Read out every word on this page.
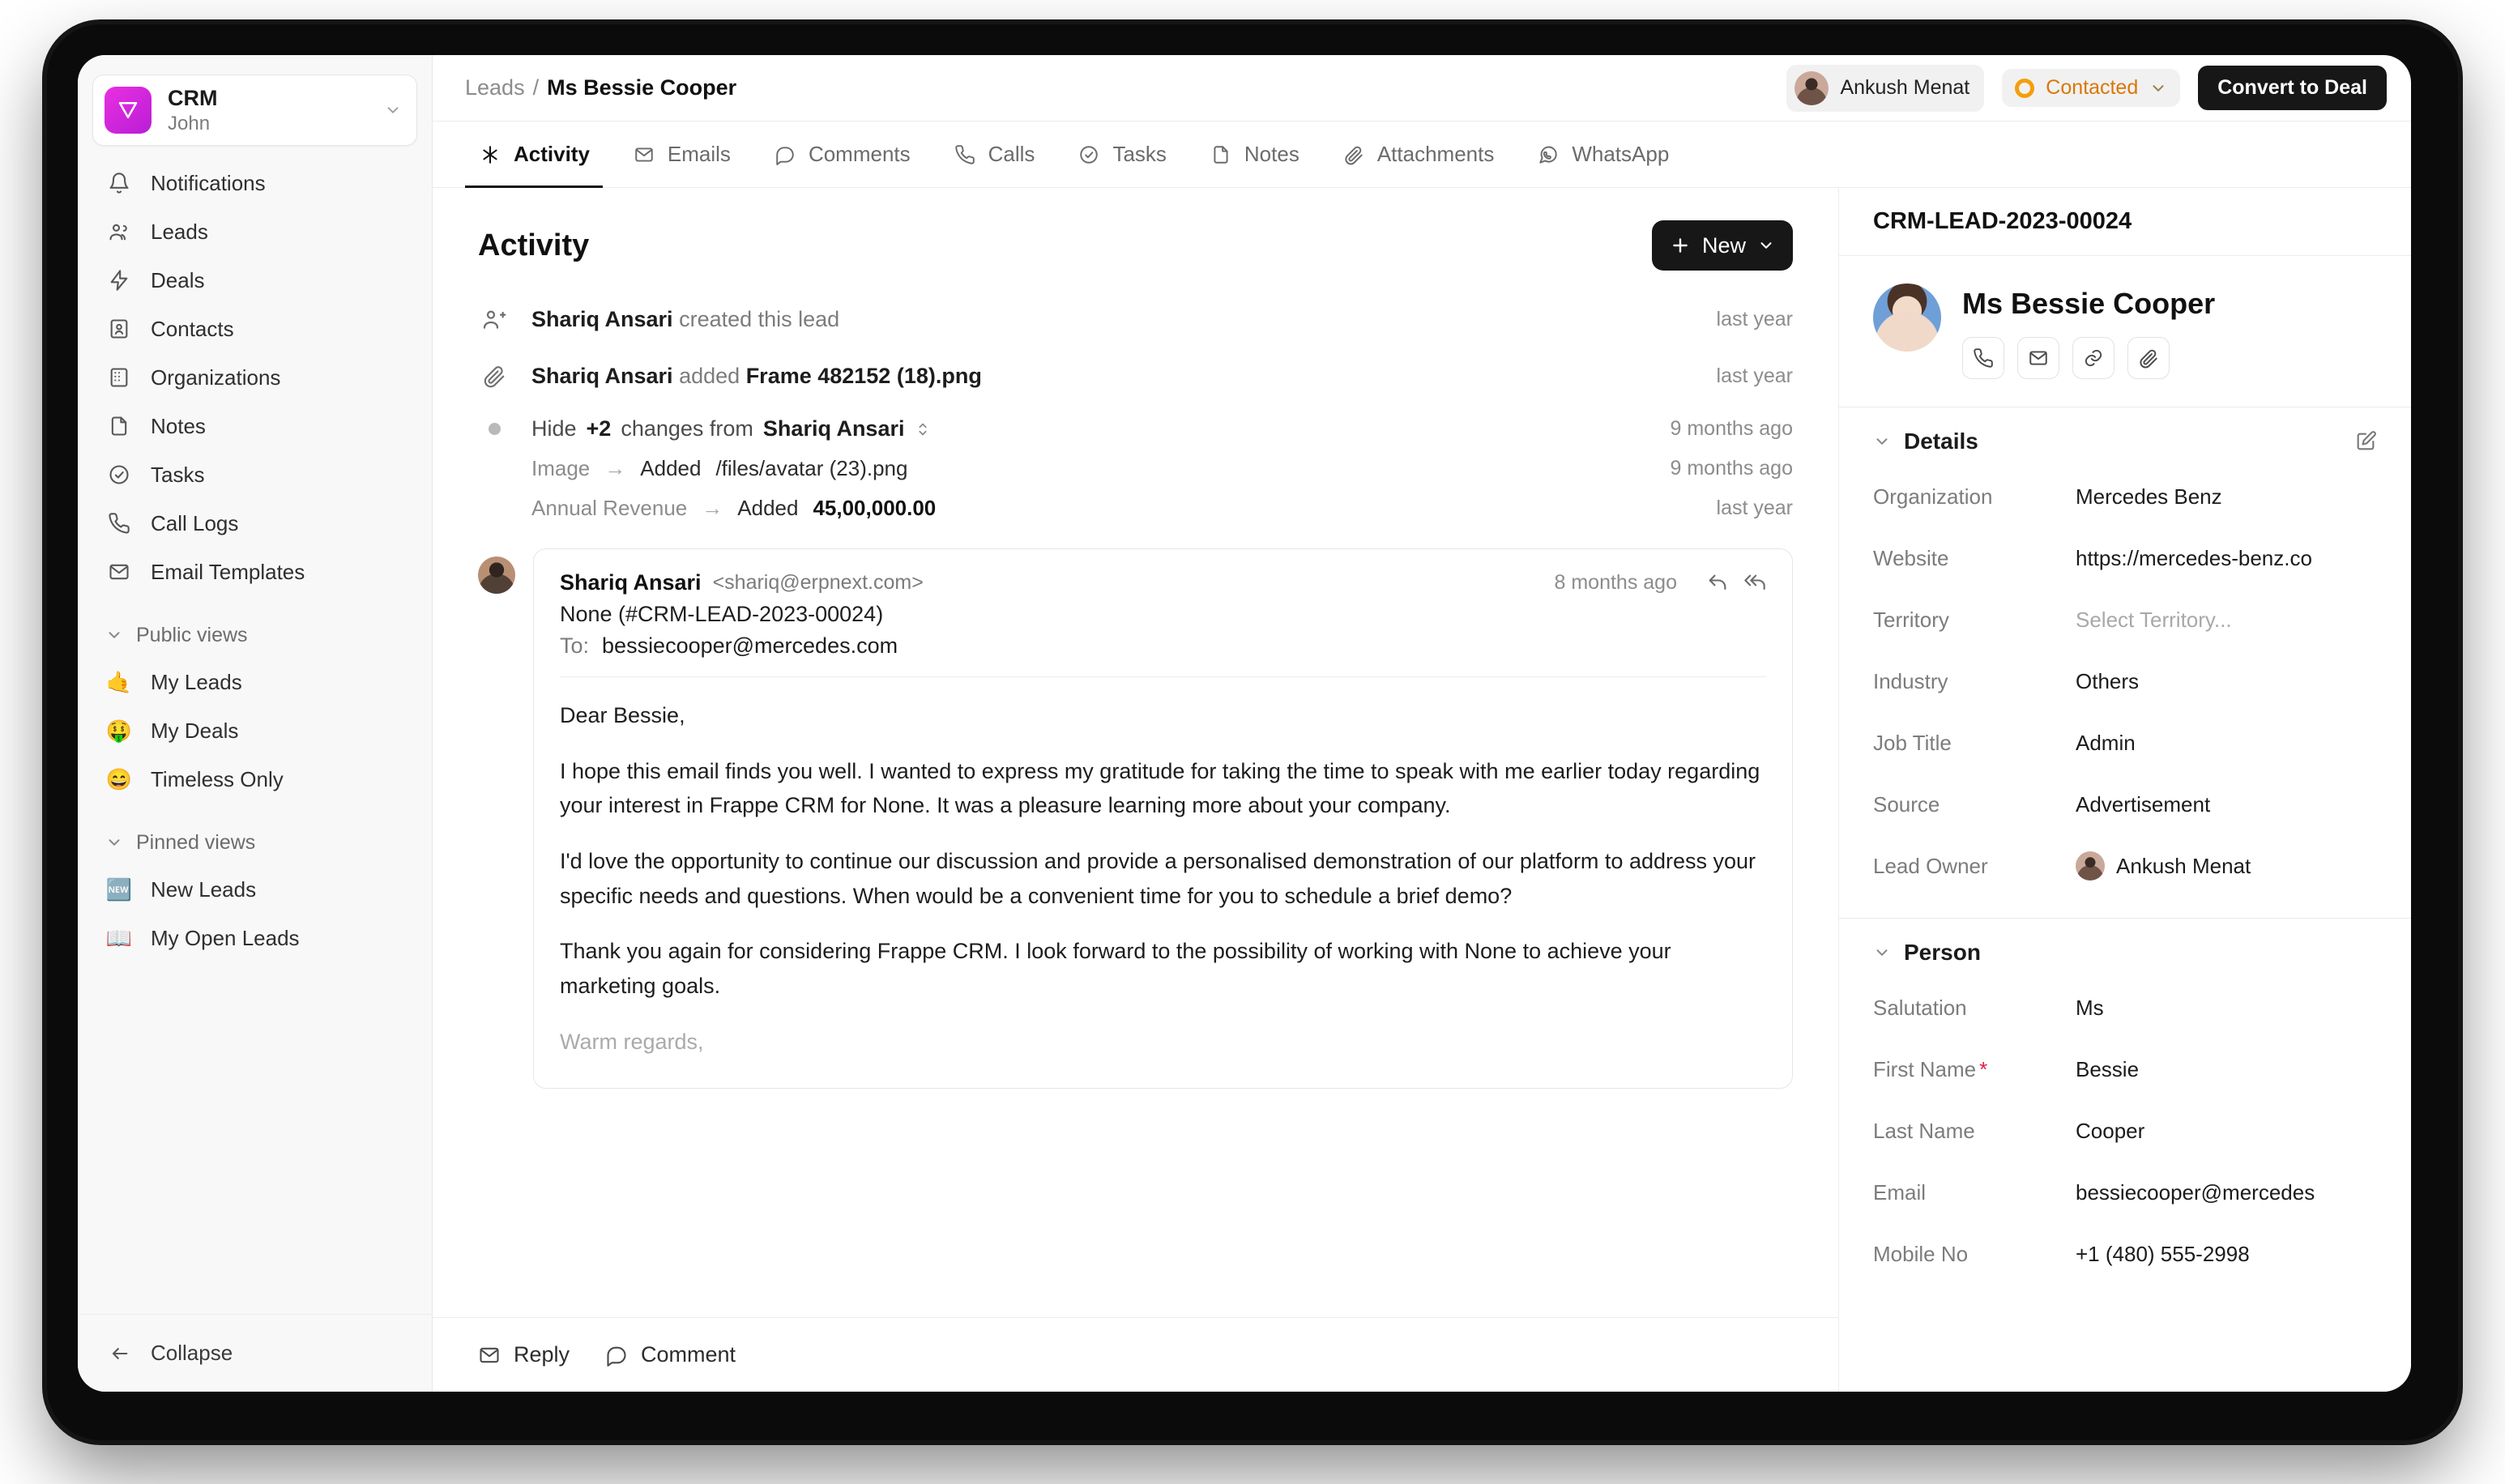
CRM
John
Notifications
Leads
Deals
Contacts
Organizations
Notes
Tasks
Call Logs
Email Templates
Public views
🤙 My Leads
🤑 My Deals
😄 Timeless Only
Pinned views
🆕 New Leads
📖 My Open Leads
Collapse
Leads / Ms Bessie Cooper	Ankush Menat	Contacted	Convert to Deal
Activity	Emails	Comments	Calls	Tasks	Notes	Attachments	WhatsApp
Activity	New
Shariq Ansari created this lead	last year
Shariq Ansari added Frame 482152 (18).png	last year
Hide +2 changes from Shariq Ansari	9 months ago
Image → Added /files/avatar (23).png	9 months ago
Annual Revenue → Added 45,00,000.00	last year
Shariq Ansari <shariq@erpnext.com>	8 months ago
None (#CRM-LEAD-2023-00024)
To: bessiecooper@mercedes.com

Dear Bessie,

I hope this email finds you well. I wanted to express my gratitude for taking the time to speak with me earlier today regarding your interest in Frappe CRM for None. It was a pleasure learning more about your company.

I'd love the opportunity to continue our discussion and provide a personalised demonstration of our platform to address your specific needs and questions. When would be a convenient time for you to schedule a brief demo?

Thank you again for considering Frappe CRM. I look forward to the possibility of working with None to achieve your marketing goals.

Warm regards,

Reply	Comment
CRM-LEAD-2023-00024
Ms Bessie Cooper
Details
Organization	Mercedes Benz
Website	https://mercedes-benz.co
Territory	Select Territory...
Industry	Others
Job Title	Admin
Source	Advertisement
Lead Owner	Ankush Menat
Person
Salutation	Ms
First Name *	Bessie
Last Name	Cooper
Email	bessiecooper@mercedes
Mobile No	+1 (480) 555-2998
